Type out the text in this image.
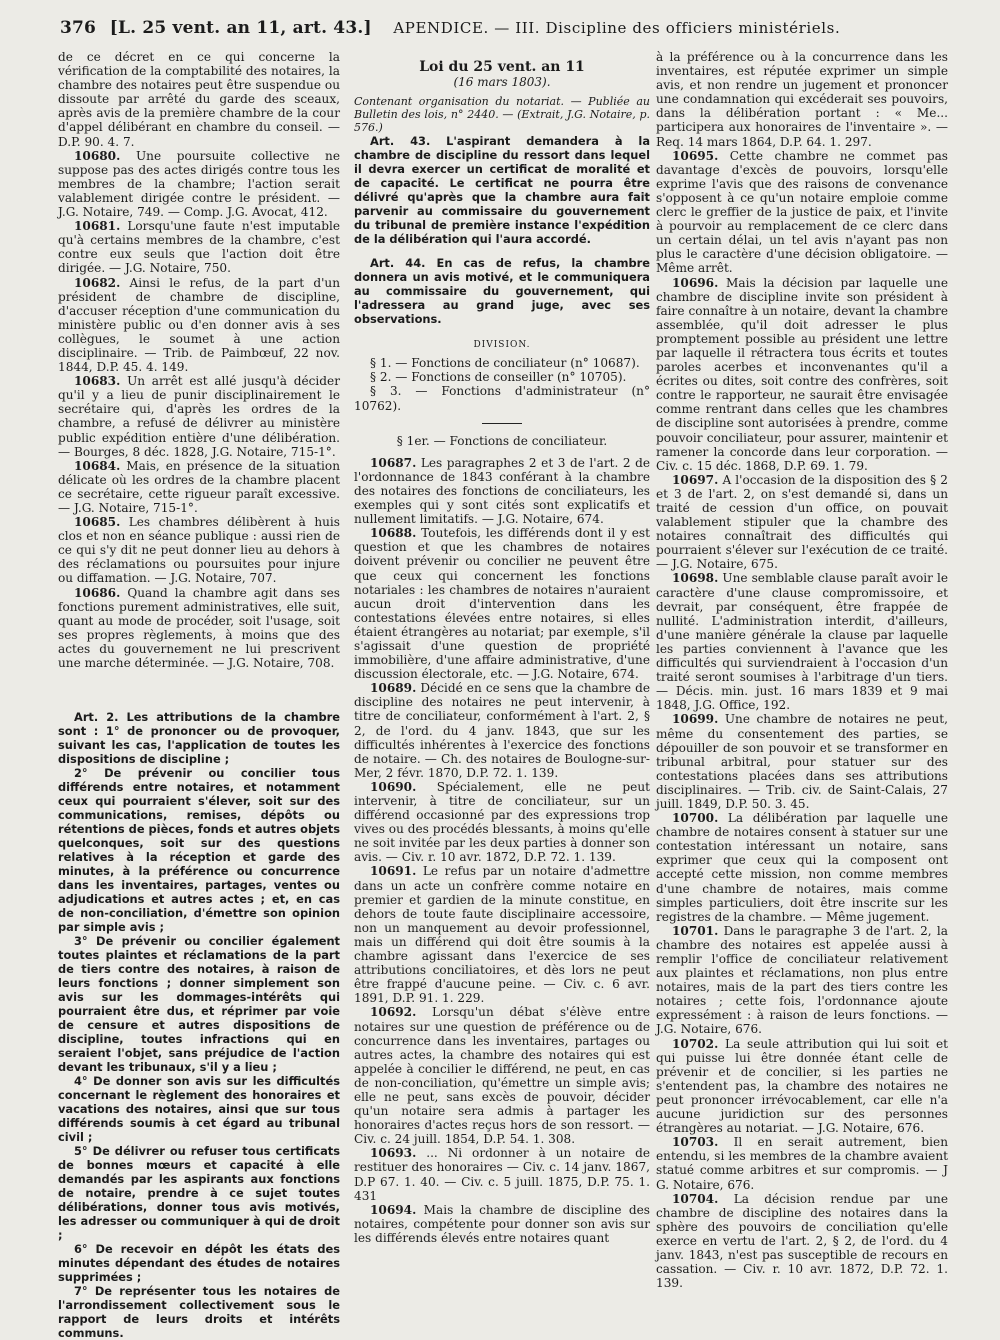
376 [L. 25 vent. an 11, art. 43.] APENDICE. — III. Discipline des officiers ministériels.

de ce décret en ce qui concerne la vérification de la comptabilité des notaires, la chambre des notaires peut être suspendue ou dissoute par arrêté du garde des sceaux, après avis de la première chambre de la cour d'appel délibérant en chambre du conseil. — D.P. 90. 4. 7.

10680. Une poursuite collective ne suppose pas des actes dirigés contre tous les membres de la chambre; l'action serait valablement dirigée contre le président. — J.G. Notaire, 749. — Comp. J.G. Avocat, 412.

10681. Lorsqu'une faute n'est imputable qu'à certains membres de la chambre, c'est contre eux seuls que l'action doit être dirigée. — J.G. Notaire, 750.

10682. Ainsi le refus, de la part d'un président de chambre de discipline, d'accuser réception d'une communication du ministère public ou d'en donner avis à ses collègues, le soumet à une action disciplinaire. — Trib. de Paimbœuf, 22 nov. 1844, D.P. 45. 4. 149.

10683. Un arrêt est allé jusqu'à décider qu'il y a lieu de punir disciplinairement le secrétaire qui, d'après les ordres de la chambre, a refusé de délivrer au ministère public expédition entière d'une délibération. — Bourges, 8 déc. 1828, J.G. Notaire, 715-1°.

10684. Mais, en présence de la situation délicate où les ordres de la chambre placent ce secrétaire, cette rigueur paraît excessive. — J.G. Notaire, 715-1°.

10685. Les chambres délibèrent à huis clos et non en séance publique : aussi rien de ce qui s'y dit ne peut donner lieu au dehors à des réclamations ou poursuites pour injure ou diffamation. — J.G. Notaire, 707.

10686. Quand la chambre agit dans ses fonctions purement administratives, elle suit, quant au mode de procéder, soit l'usage, soit ses propres règlements, à moins que des actes du gouvernement ne lui prescrivent une marche déterminée. — J.G. Notaire, 708.

Art. 2. Les attributions de la chambre sont : 1° de prononcer ou de provoquer, suivant les cas, l'application de toutes les dispositions de discipline ;

2° De prévenir ou concilier tous différends entre notaires, et notamment ceux qui pourraient s'élever, soit sur des communications, remises, dépôts ou rétentions de pièces, fonds et autres objets quelconques, soit sur des questions relatives à la réception et garde des minutes, à la préférence ou concurrence dans les inventaires, partages, ventes ou adjudications et autres actes ; et, en cas de non-conciliation, d'émettre son opinion par simple avis ;

3° De prévenir ou concilier également toutes plaintes et réclamations de la part de tiers contre des notaires, à raison de leurs fonctions ; donner simplement son avis sur les dommages-intérêts qui pourraient être dus, et réprimer par voie de censure et autres dispositions de discipline, toutes infractions qui en seraient l'objet, sans préjudice de l'action devant les tribunaux, s'il y a lieu ;

4° De donner son avis sur les difficultés concernant le règlement des honoraires et vacations des notaires, ainsi que sur tous différends soumis à cet égard au tribunal civil ;

5° De délivrer ou refuser tous certificats de bonnes mœurs et capacité à elle demandés par les aspirants aux fonctions de notaire, prendre à ce sujet toutes délibérations, donner tous avis motivés, les adresser ou communiquer à qui de droit ;

6° De recevoir en dépôt les états des minutes dépendant des études de notaires supprimées ;

7° De représenter tous les notaires de l'arrondissement collectivement sous le rapport de leurs droits et intérêts communs.

Loi du 25 vent. an 11
(16 mars 1803).

Contenant organisation du notariat. — Publiée au Bulletin des lois, n° 2440. — (Extrait, J.G. Notaire, p. 576.)

Art. 43. L'aspirant demandera à la chambre de discipline du ressort dans lequel il devra exercer un certificat de moralité et de capacité. Le certificat ne pourra être délivré qu'après que la chambre aura fait parvenir au commissaire du gouvernement du tribunal de première instance l'expédition de la délibération qui l'aura accordé.

Art. 44. En cas de refus, la chambre donnera un avis motivé, et le communiquera au commissaire du gouvernement, qui l'adressera au grand juge, avec ses observations.

DIVISION.

§ 1. — Fonctions de conciliateur (n° 10687).

§ 2. — Fonctions de conseiller (n° 10705).

§ 3. — Fonctions d'administrateur (n° 10762).

§ 1er. — Fonctions de conciliateur.

10687. Les paragraphes 2 et 3 de l'art. 2 de l'ordonnance de 1843 conférant à la chambre des notaires des fonctions de conciliateurs, les exemples qui y sont cités sont explicatifs et nullement limitatifs. — J.G. Notaire, 674.

10688. Toutefois, les différends dont il y est question et que les chambres de notaires doivent prévenir ou concilier ne peuvent être que ceux qui concernent les fonctions notariales : les chambres de notaires n'auraient aucun droit d'intervention dans les contestations élevées entre notaires, si elles étaient étrangères au notariat; par exemple, s'il s'agissait d'une question de propriété immobilière, d'une affaire administrative, d'une discussion électorale, etc. — J.G. Notaire, 674.

10689. Décidé en ce sens que la chambre de discipline des notaires ne peut intervenir, à titre de conciliateur, conformément à l'art. 2, § 2, de l'ord. du 4 janv. 1843, que sur les difficultés inhérentes à l'exercice des fonctions de notaire. — Ch. des notaires de Boulogne-sur-Mer, 2 févr. 1870, D.P. 72. 1. 139.

10690. Spécialement, elle ne peut intervenir, à titre de conciliateur, sur un différend occasionné par des expressions trop vives ou des procédés blessants, à moins qu'elle ne soit invitée par les deux parties à donner son avis. — Civ. r. 10 avr. 1872, D.P. 72. 1. 139.

10691. Le refus par un notaire d'admettre dans un acte un confrère comme notaire en premier et gardien de la minute constitue, en dehors de toute faute disciplinaire accessoire, non un manquement au devoir professionnel, mais un différend qui doit être soumis à la chambre agissant dans l'exercice de ses attributions conciliatoires, et dès lors ne peut être frappé d'aucune peine. — Civ. c. 6 avr. 1891, D.P. 91. 1. 229.

10692. Lorsqu'un débat s'élève entre notaires sur une question de préférence ou de concurrence dans les inventaires, partages ou autres actes, la chambre des notaires qui est appelée à concilier le différend, ne peut, en cas de non-conciliation, qu'émettre un simple avis; elle ne peut, sans excès de pouvoir, décider qu'un notaire sera admis à partager les honoraires d'actes reçus hors de son ressort. — Civ. c. 24 juill. 1854, D.P. 54. 1. 308.

10693. ... Ni ordonner à un notaire de restituer des honoraires — Civ. c. 14 janv. 1867, D.P 67. 1. 40. — Civ. c. 5 juill. 1875, D.P. 75. 1. 431

10694. Mais la chambre de discipline des notaires, compétente pour donner son avis sur les différends élevés entre notaires quant

à la préférence ou à la concurrence dans les inventaires, est réputée exprimer un simple avis, et non rendre un jugement et prononcer une condamnation qui excéderait ses pouvoirs, dans la délibération portant : « Me... participera aux honoraires de l'inventaire ». — Req. 14 mars 1864, D.P. 64. 1. 297.

10695. Cette chambre ne commet pas davantage d'excès de pouvoirs, lorsqu'elle exprime l'avis que des raisons de convenance s'opposent à ce qu'un notaire emploie comme clerc le greffier de la justice de paix, et l'invite à pourvoir au remplacement de ce clerc dans un certain délai, un tel avis n'ayant pas non plus le caractère d'une décision obligatoire. — Même arrêt.

10696. Mais la décision par laquelle une chambre de discipline invite son président à faire connaître à un notaire, devant la chambre assemblée, qu'il doit adresser le plus promptement possible au président une lettre par laquelle il rétractera tous écrits et toutes paroles acerbes et inconvenantes qu'il a écrites ou dites, soit contre des confrères, soit contre le rapporteur, ne saurait être envisagée comme rentrant dans celles que les chambres de discipline sont autorisées à prendre, comme pouvoir conciliateur, pour assurer, maintenir et ramener la concorde dans leur corporation. — Civ. c. 15 déc. 1868, D.P. 69. 1. 79.

10697. A l'occasion de la disposition des § 2 et 3 de l'art. 2, on s'est demandé si, dans un traité de cession d'un office, on pouvait valablement stipuler que la chambre des notaires connaîtrait des difficultés qui pourraient s'élever sur l'exécution de ce traité. — J.G. Notaire, 675.

10698. Une semblable clause paraît avoir le caractère d'une clause compromissoire, et devrait, par conséquent, être frappée de nullité. L'administration interdit, d'ailleurs, d'une manière générale la clause par laquelle les parties conviennent à l'avance que les difficultés qui surviendraient à l'occasion d'un traité seront soumises à l'arbitrage d'un tiers. — Décis. min. just. 16 mars 1839 et 9 mai 1848, J.G. Office, 192.

10699. Une chambre de notaires ne peut, même du consentement des parties, se dépouiller de son pouvoir et se transformer en tribunal arbitral, pour statuer sur des contestations placées dans ses attributions disciplinaires. — Trib. civ. de Saint-Calais, 27 juill. 1849, D.P. 50. 3. 45.

10700. La délibération par laquelle une chambre de notaires consent à statuer sur une contestation intéressant un notaire, sans exprimer que ceux qui la composent ont accepté cette mission, non comme membres d'une chambre de notaires, mais comme simples particuliers, doit être inscrite sur les registres de la chambre. — Même jugement.

10701. Dans le paragraphe 3 de l'art. 2, la chambre des notaires est appelée aussi à remplir l'office de conciliateur relativement aux plaintes et réclamations, non plus entre notaires, mais de la part des tiers contre les notaires ; cette fois, l'ordonnance ajoute expressément : à raison de leurs fonctions. — J.G. Notaire, 676.

10702. La seule attribution qui lui soit et qui puisse lui être donnée étant celle de prévenir et de concilier, si les parties ne s'entendent pas, la chambre des notaires ne peut prononcer irrévocablement, car elle n'a aucune juridiction sur des personnes étrangères au notariat. — J.G. Notaire, 676.

10703. Il en serait autrement, bien entendu, si les membres de la chambre avaient statué comme arbitres et sur compromis. — J G. Notaire, 676.

10704. La décision rendue par une chambre de discipline des notaires dans la sphère des pouvoirs de conciliation qu'elle exerce en vertu de l'art. 2, § 2, de l'ord. du 4 janv. 1843, n'est pas susceptible de recours en cassation. — Civ. r. 10 avr. 1872, D.P. 72. 1. 139.
